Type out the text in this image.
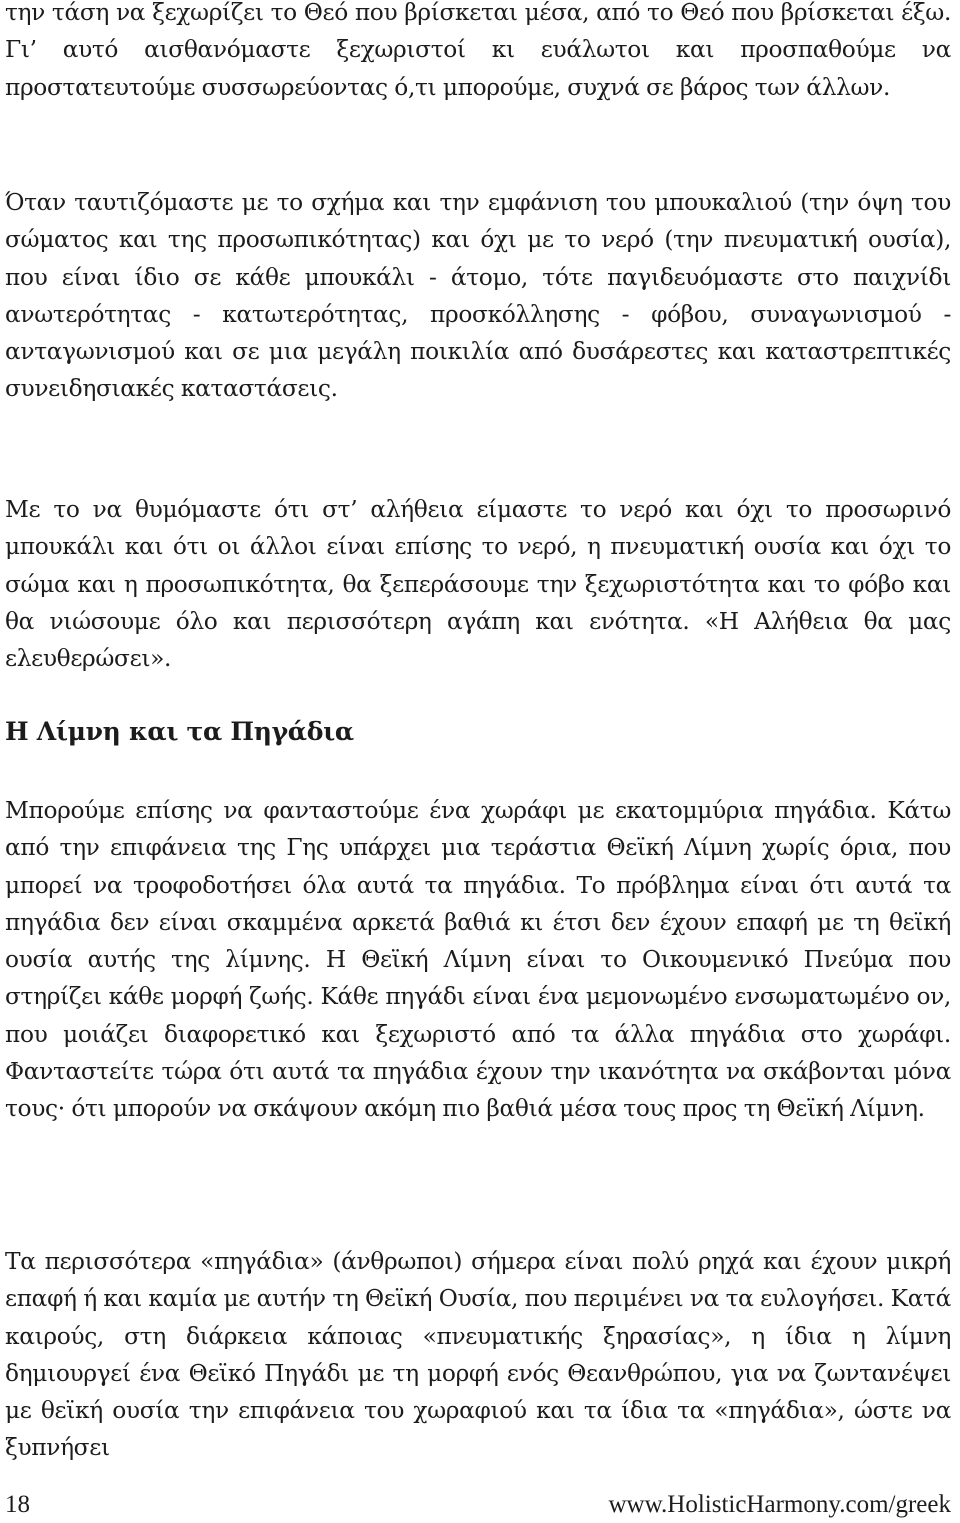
την τάση να ξεχωρίζει το Θεό που βρίσκεται μέσα, από το Θεό που βρίσκεται έξω. Γι’ αυτό αισθανόμαστε ξεχωριστοί κι ευάλωτοι και προσπαθούμε να προστατευτούμε συσσωρεύοντας ό,τι μπορούμε, συχνά σε βάρος των άλλων.

Όταν ταυτιζόμαστε με το σχήμα και την εμφάνιση του μπουκαλιού (την όψη του σώματος και της προσωπικότητας) και όχι με το νερό (την πνευματική ουσία), που είναι ίδιο σε κάθε μπουκάλι - άτομο, τότε παγιδευόμαστε στο παιχνίδι ανωτερότητας - κατωτερότητας, προσκόλλησης - φόβου, συναγωνισμού - ανταγωνισμού και σε μια μεγάλη ποικιλία από δυσάρεστες και καταστρεπτικές συνειδησιακές καταστάσεις.

Με το να θυμόμαστε ότι στ’ αλήθεια είμαστε το νερό και όχι το προσωρινό μπουκάλι και ότι οι άλλοι είναι επίσης το νερό, η πνευματική ουσία και όχι το σώμα και η προσωπικότητα, θα ξεπεράσουμε την ξεχωριστότητα και το φόβο και θα νιώσουμε όλο και περισσότερη αγάπη και ενότητα. «Η Αλήθεια θα μας ελευθερώσει».

Η Λίμνη και τα Πηγάδια

Μπορούμε επίσης να φανταστούμε ένα χωράφι με εκατομμύρια πηγάδια. Κάτω από την επιφάνεια της Γης υπάρχει μια τεράστια Θεϊκή Λίμνη χωρίς όρια, που μπορεί να τροφοδοτήσει όλα αυτά τα πηγάδια. Το πρόβλημα είναι ότι αυτά τα πηγάδια δεν είναι σκαμμένα αρκετά βαθιά κι έτσι δεν έχουν επαφή με τη θεϊκή ουσία αυτής της λίμνης. Η Θεϊκή Λίμνη είναι το Οικουμενικό Πνεύμα που στηρίζει κάθε μορφή ζωής. Κάθε πηγάδι είναι ένα μεμονωμένο ενσωματωμένο ον, που μοιάζει διαφορετικό και ξεχωριστό από τα άλλα πηγάδια στο χωράφι. Φανταστείτε τώρα ότι αυτά τα πηγάδια έχουν την ικανότητα να σκάβονται μόνα τους· ότι μπορούν να σκάψουν ακόμη πιο βαθιά μέσα τους προς τη Θεϊκή Λίμνη.

Τα περισσότερα «πηγάδια» (άνθρωποι) σήμερα είναι πολύ ρηχά και έχουν μικρή επαφή ή και καμία με αυτήν τη Θεϊκή Ουσία, που περιμένει να τα ευλογήσει. Κατά καιρούς, στη διάρκεια κάποιας «πνευματικής ξηρασίας», η ίδια η λίμνη δημιουργεί ένα Θεϊκό Πηγάδι με τη μορφή ενός Θεανθρώπου, για να ζωντανέψει με θεϊκή ουσία την επιφάνεια του χωραφιού και τα ίδια τα «πηγάδια», ώστε να ξυπνήσει

18	www.HolisticHarmony.com/greek
